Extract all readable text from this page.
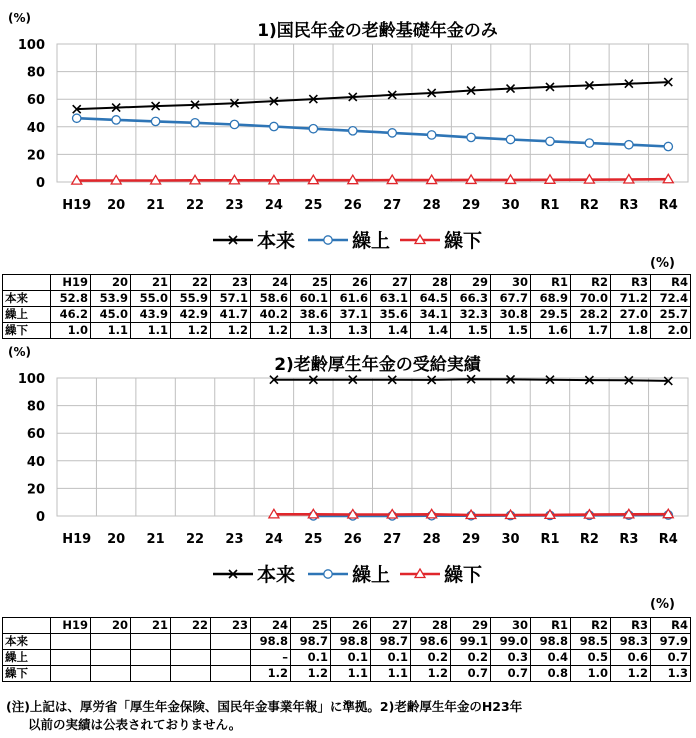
1)国民年金の老齢基礎年金のみ
(%)
0
20
40
60
80
100
H19 20 21 22 23 24 25 26 27 28 29 30 R1 R2 R3 R4
本来	繰上	繰下
(%)
	H19	20	21	22	23	24	25	26	27	28	29	30	R1	R2	R3	R4
本来	52.8	53.9	55.0	55.9	57.1	58.6	60.1	61.6	63.1	64.5	66.3	67.7	68.9	70.0	71.2	72.4
繰上	46.2	45.0	43.9	42.9	41.7	40.2	38.6	37.1	35.6	34.1	32.3	30.8	29.5	28.2	27.0	25.7
繰下	1.0	1.1	1.1	1.2	1.2	1.2	1.3	1.3	1.4	1.4	1.5	1.5	1.6	1.7	1.8	2.0
2)老齢厚生年金の受給実績
(%)
0
20
40
60
80
100
H19 20 21 22 23 24 25 26 27 28 29 30 R1 R2 R3 R4
本来	繰上	繰下
(%)
	H19	20	21	22	23	24	25	26	27	28	29	30	R1	R2	R3	R4
本来						98.8	98.7	98.8	98.7	98.6	99.1	99.0	98.8	98.5	98.3	97.9
繰上						–	0.1	0.1	0.1	0.2	0.2	0.3	0.4	0.5	0.6	0.7
繰下						1.2	1.2	1.1	1.1	1.2	0.7	0.7	0.8	1.0	1.2	1.3
(注)上記は、厚労省「厚生年金保険、国民年金事業年報」に準拠。2)老齢厚生年金のH23年
以前の実績は公表されておりません。
